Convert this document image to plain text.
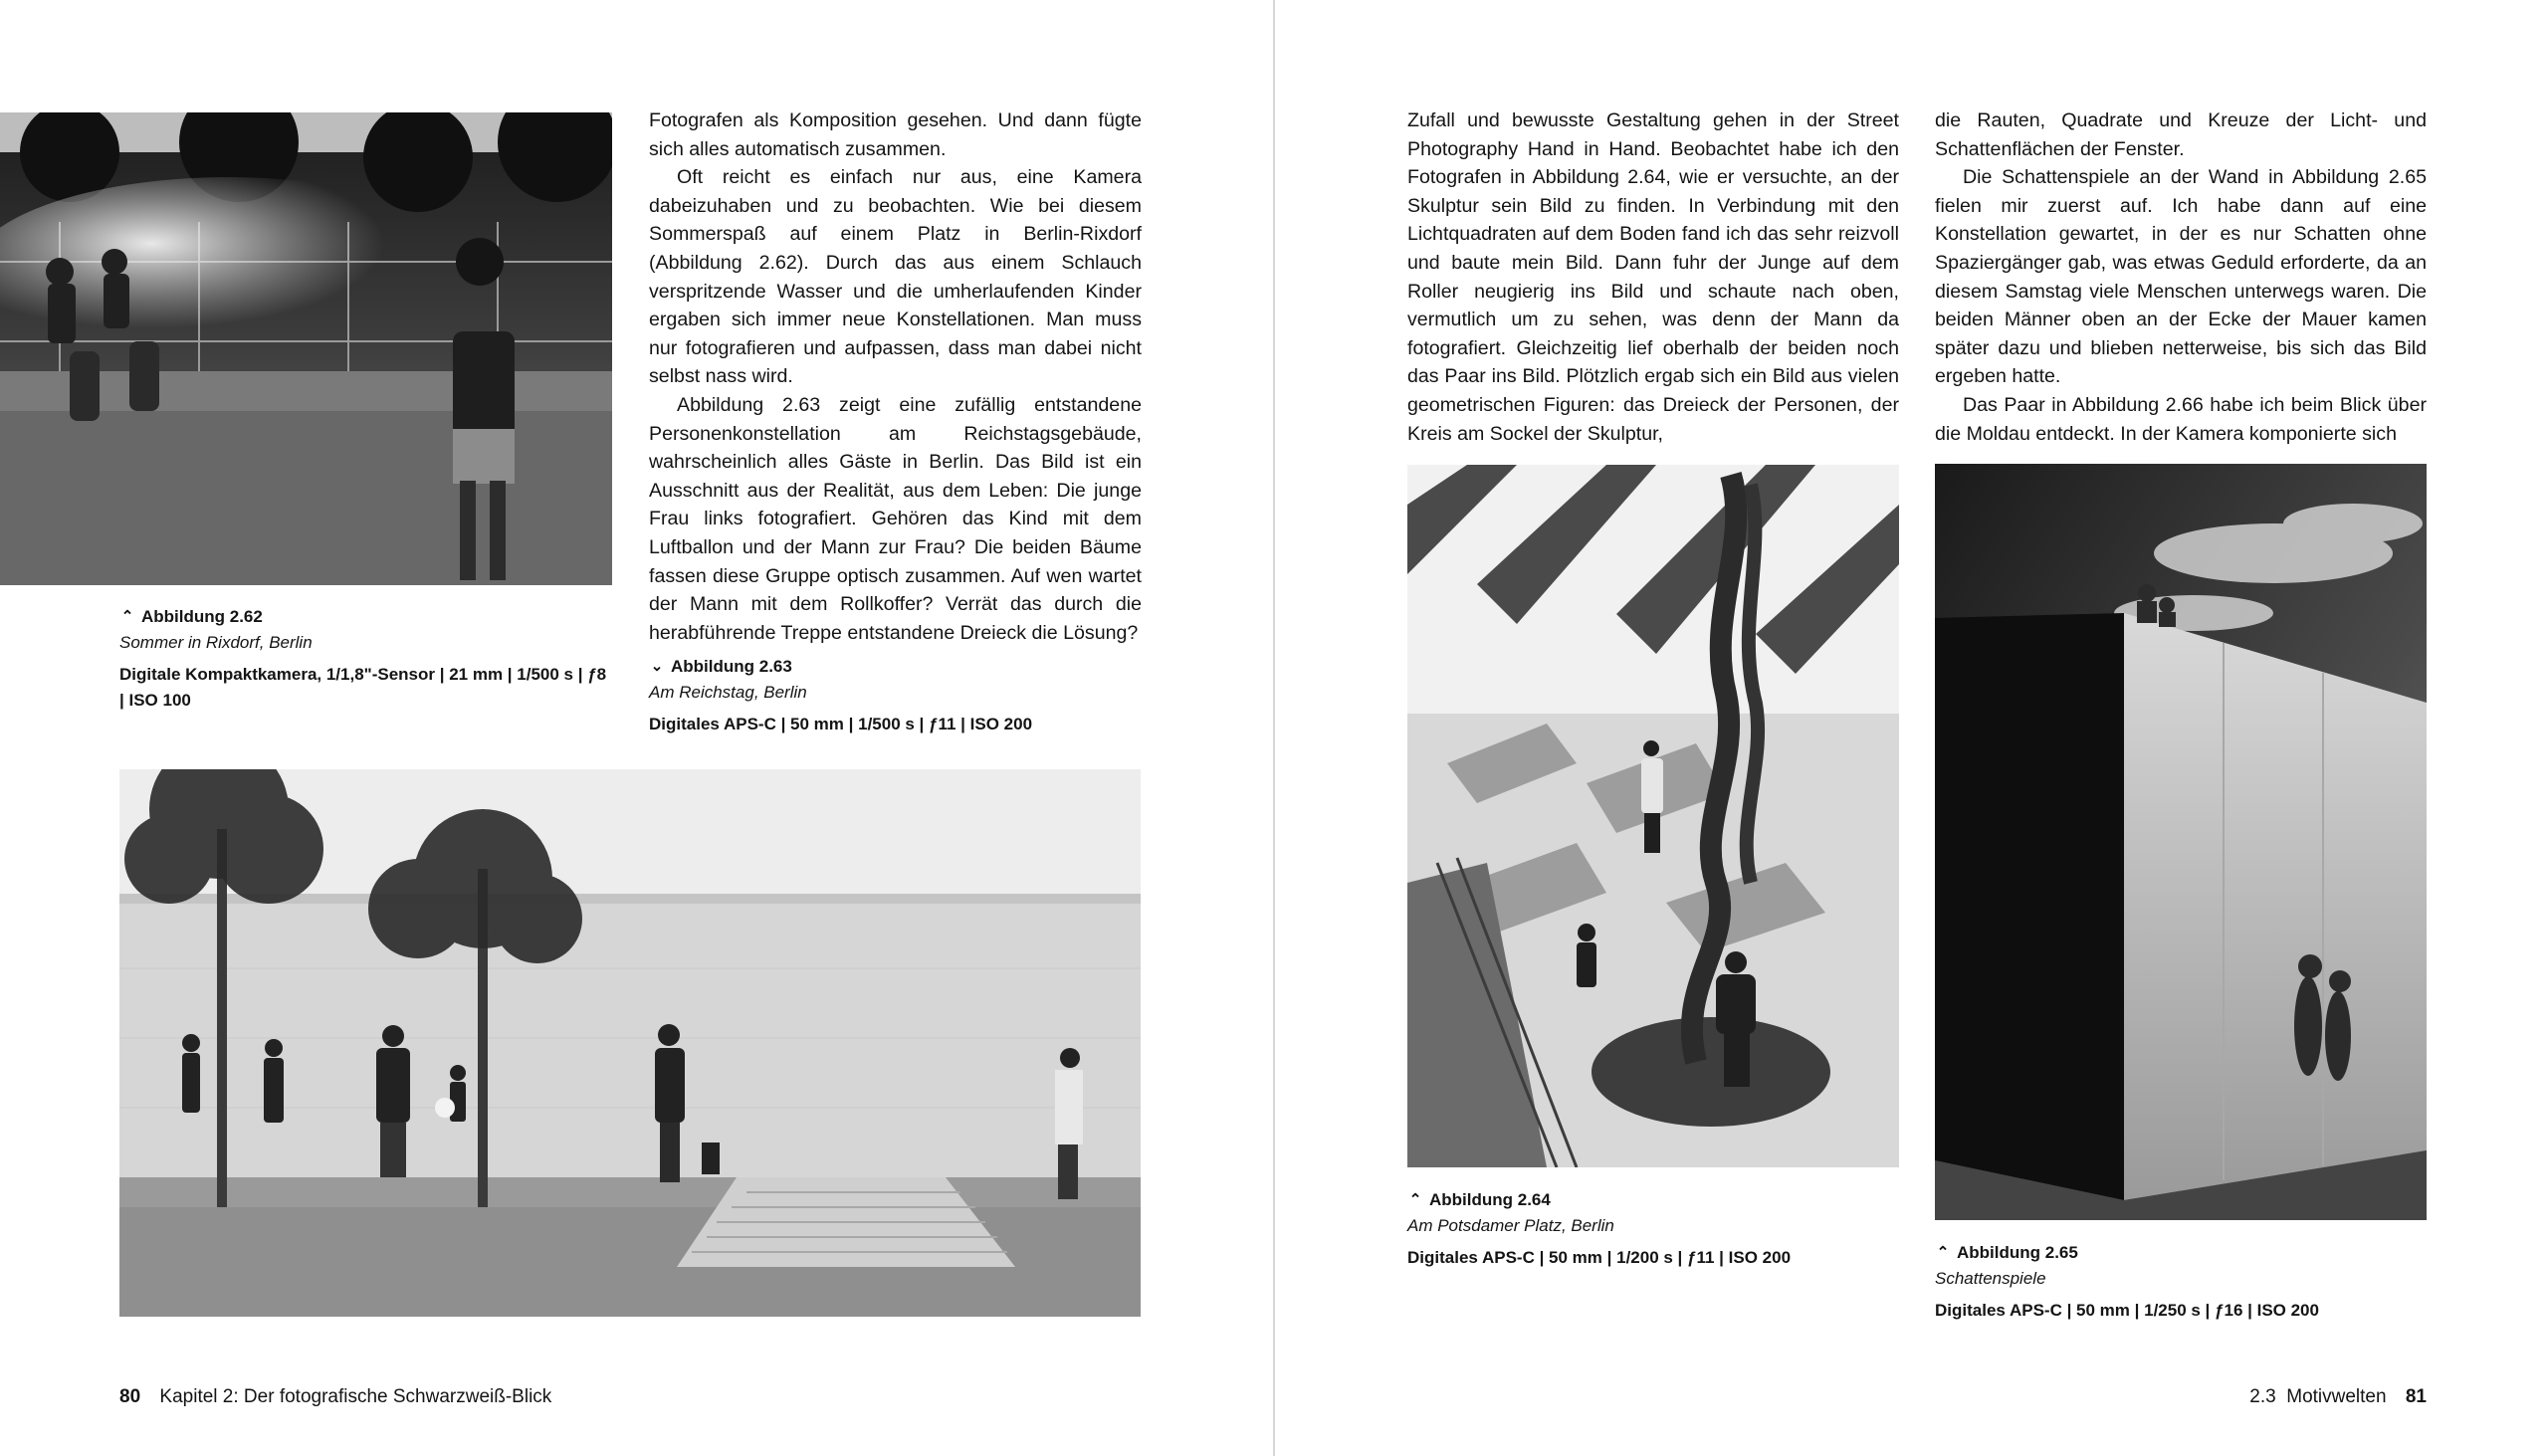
Fotografen als Komposition gesehen. Und dann fügte sich alles automatisch zusammen.

Oft reicht es einfach nur aus, eine Kamera dabeizuhaben und zu beobachten. Wie bei diesem Sommerspaß auf einem Platz in Berlin-Rixdorf (Abbildung 2.62). Durch das aus einem Schlauch verspritzende Wasser und die umherlaufenden Kinder ergaben sich immer neue Konstellationen. Man muss nur fotografieren und aufpassen, dass man dabei nicht selbst nass wird.

Abbildung 2.63 zeigt eine zufällig entstandene Personenkonstellation am Reichstagsgebäude, wahrscheinlich alles Gäste in Berlin. Das Bild ist ein Ausschnitt aus der Realität, aus dem Leben: Die junge Frau links fotografiert. Gehören das Kind mit dem Luftballon und der Mann zur Frau? Die beiden Bäume fassen diese Gruppe optisch zusammen. Auf wen wartet der Mann mit dem Rollkoffer? Verrät das durch die herabführende Treppe entstandene Dreieck die Lösung?

⌃ Abbildung 2.62
Sommer in Rixdorf, Berlin
Digitale Kompaktkamera, 1/1,8"-Sensor | 21 mm | 1/500 s | ƒ8 | ISO 100
⌄ Abbildung 2.63
Am Reichstag, Berlin
Digitales APS-C | 50 mm | 1/500 s | ƒ11 | ISO 200
80 Kapitel 2: Der fotografische Schwarzweiß-Blick

Zufall und bewusste Gestaltung gehen in der Street Photography Hand in Hand. Beobachtet habe ich den Fotografen in Abbildung 2.64, wie er versuchte, an der Skulptur sein Bild zu finden. In Verbindung mit den Lichtquadraten auf dem Boden fand ich das sehr reizvoll und baute mein Bild. Dann fuhr der Junge auf dem Roller neugierig ins Bild und schaute nach oben, vermutlich um zu sehen, was denn der Mann da fotografiert. Gleichzeitig lief oberhalb der beiden noch das Paar ins Bild. Plötzlich ergab sich ein Bild aus vielen geometrischen Figuren: das Dreieck der Personen, der Kreis am Sockel der Skulptur,

die Rauten, Quadrate und Kreuze der Licht- und Schattenflächen der Fenster.

Die Schattenspiele an der Wand in Abbildung 2.65 fielen mir zuerst auf. Ich habe dann auf eine Konstellation gewartet, in der es nur Schatten ohne Spaziergänger gab, was etwas Geduld erforderte, da an diesem Samstag viele Menschen unterwegs waren. Die beiden Männer oben an der Ecke der Mauer kamen später dazu und blieben netterweise, bis sich das Bild ergeben hatte.

Das Paar in Abbildung 2.66 habe ich beim Blick über die Moldau entdeckt. In der Kamera komponierte sich

⌃ Abbildung 2.64
Am Potsdamer Platz, Berlin
Digitales APS-C | 50 mm | 1/200 s | ƒ11 | ISO 200	⌃ Abbildung 2.65
Schattenspiele
Digitales APS-C | 50 mm | 1/250 s | ƒ16 | ISO 200
2.3  Motivwelten 81
